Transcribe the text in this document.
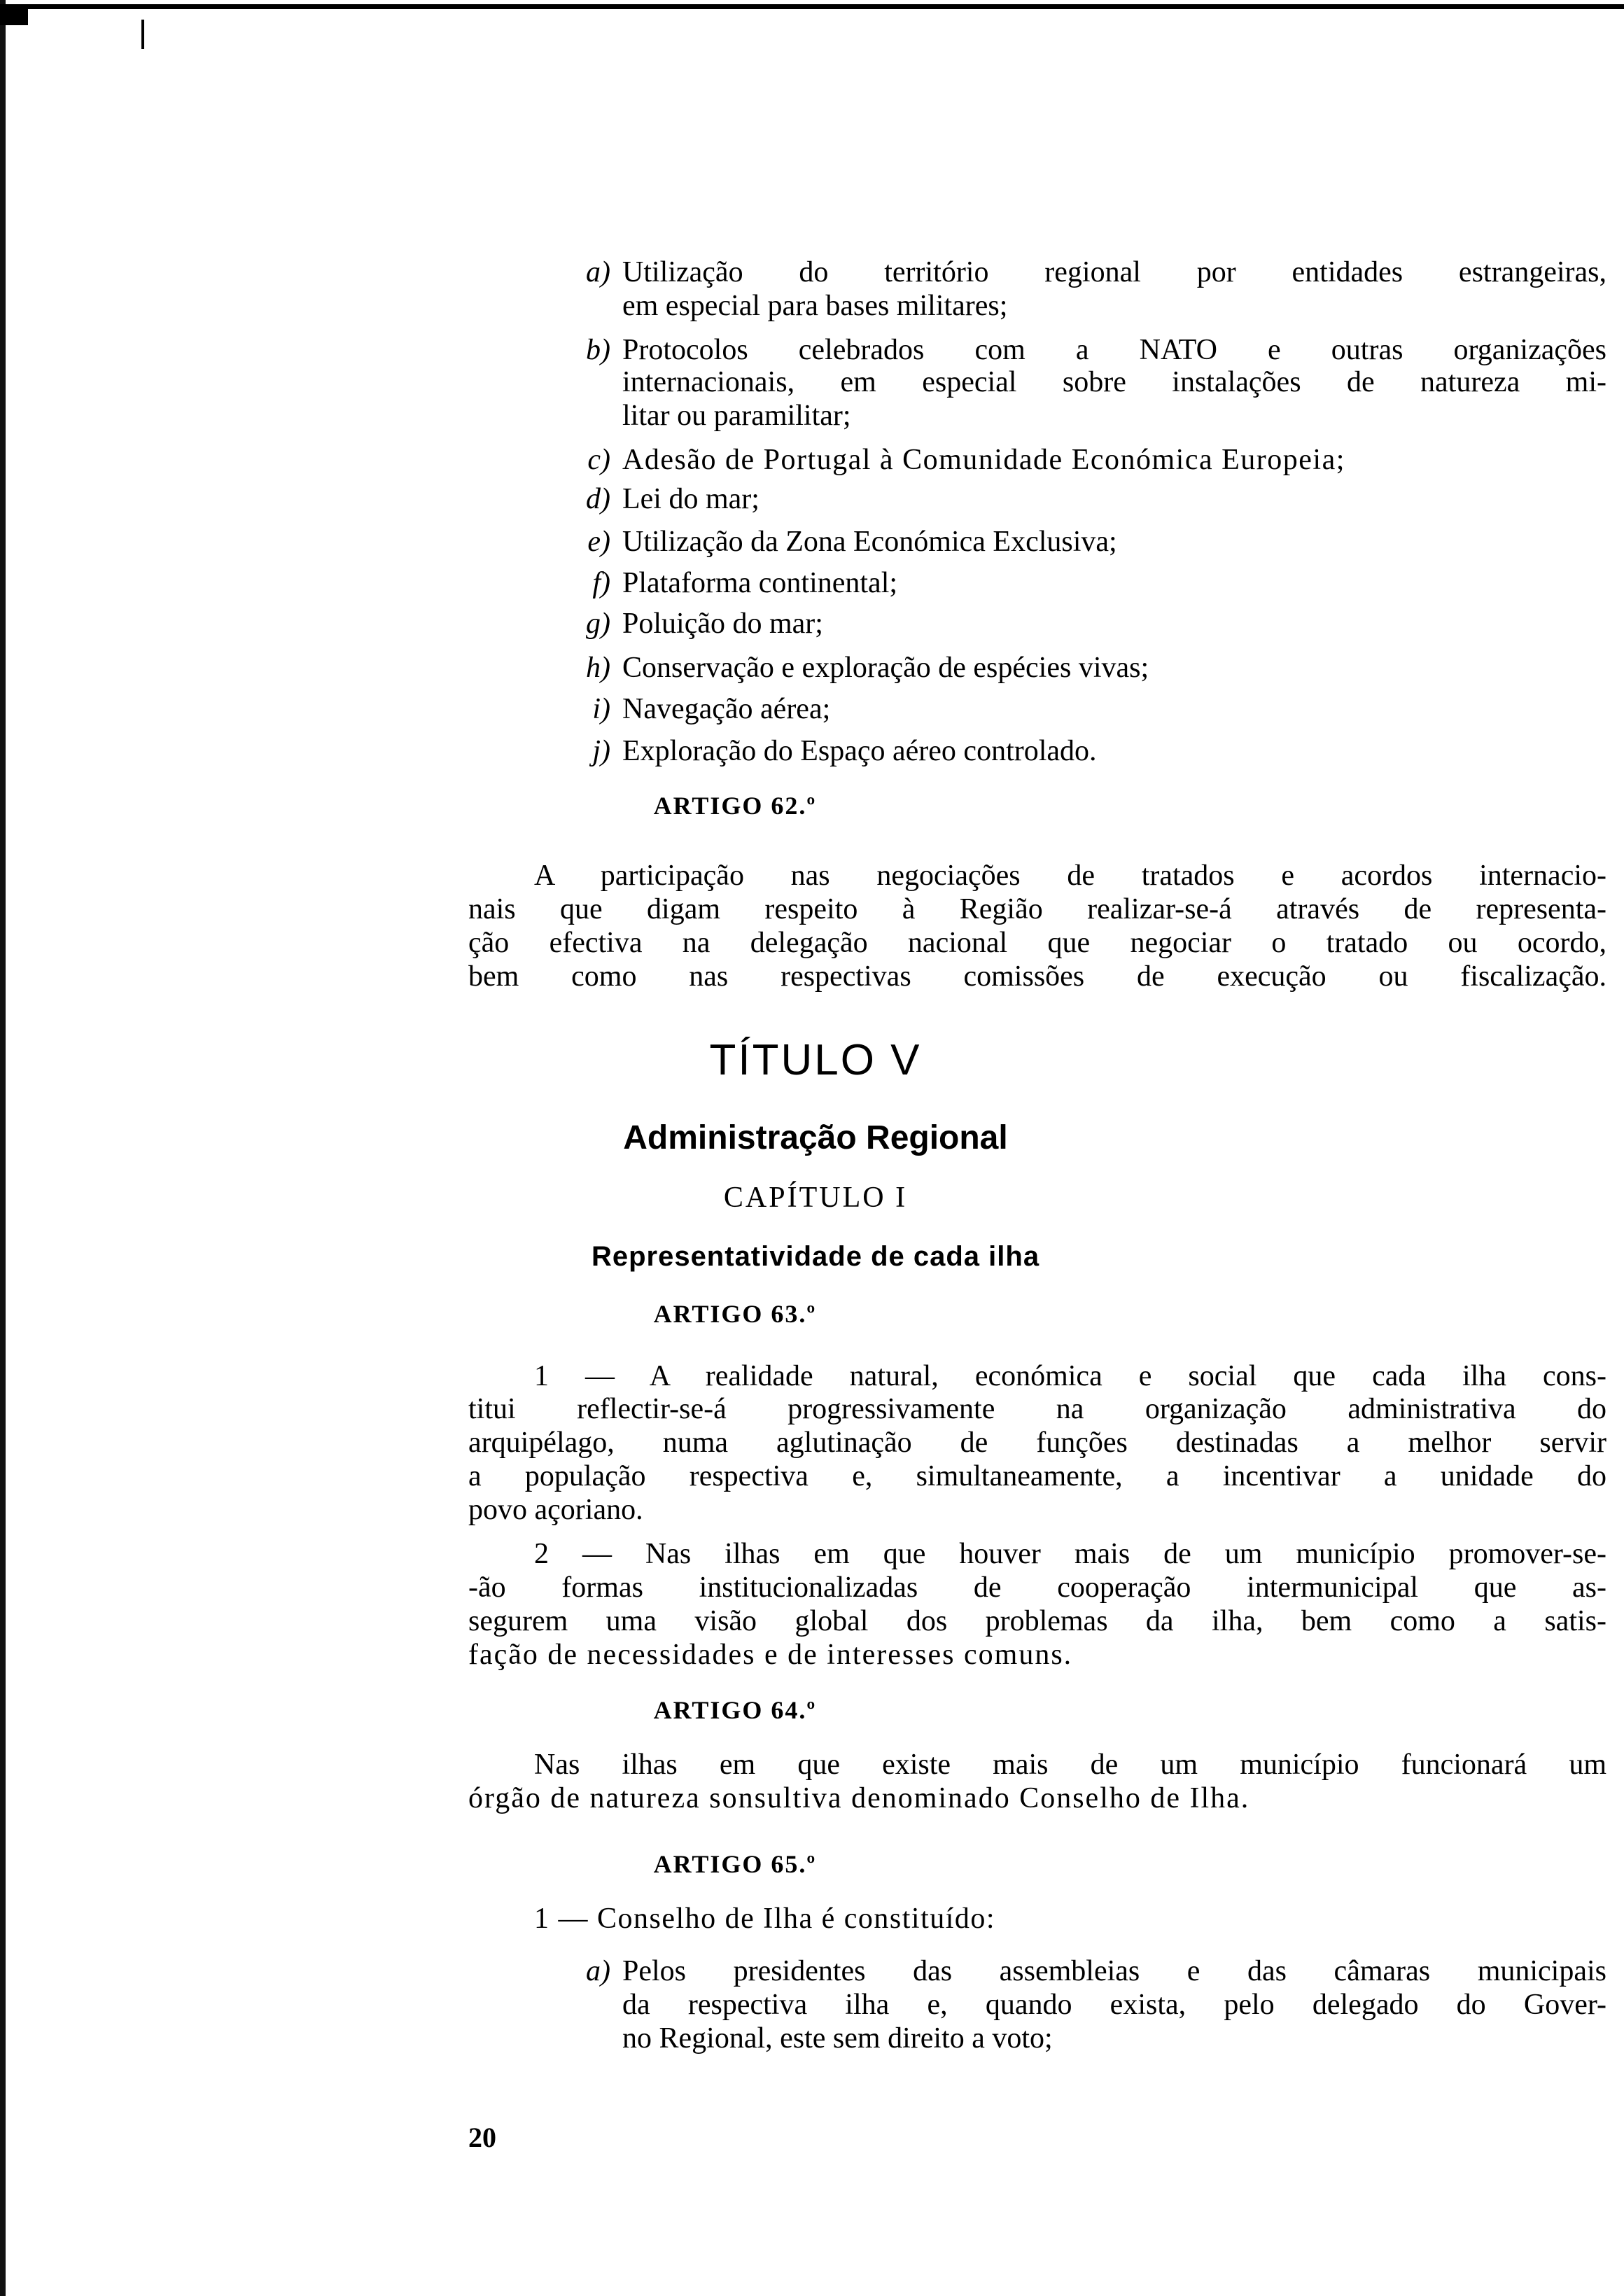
a) Utilização do território regional por entidades estrangeiras,
em especial para bases militares;
b) Protocolos celebrados com a NATO e outras organizações
internacionais, em especial sobre instalações de natureza mi-
litar ou paramilitar;
c) Adesão de Portugal à Comunidade Económica Europeia;
d) Lei do mar;
e) Utilização da Zona Económica Exclusiva;
f) Plataforma continental;
g) Poluição do mar;
h) Conservação e exploração de espécies vivas;
i) Navegação aérea;
j) Exploração do Espaço aéreo controlado.
ARTIGO 62.º
A participação nas negociações de tratados e acordos internacio-
nais que digam respeito à Região realizar-se-á através de representa-
ção efectiva na delegação nacional que negociar o tratado ou ocordo,
bem como nas respectivas comissões de execução ou fiscalização.
TÍTULO V
Administração Regional
CAPÍTULO I
Representatividade de cada ilha
ARTIGO 63.º
1 — A realidade natural, económica e social que cada ilha cons-
titui reflectir-se-á progressivamente na organização administrativa do
arquipélago, numa aglutinação de funções destinadas a melhor servir
a população respectiva e, simultaneamente, a incentivar a unidade do
povo açoriano.
2 — Nas ilhas em que houver mais de um município promover-se-
-ão formas institucionalizadas de cooperação intermunicipal que as-
segurem uma visão global dos problemas da ilha, bem como a satis-
fação de necessidades e de interesses comuns.
ARTIGO 64.º
Nas ilhas em que existe mais de um município funcionará um
órgão de natureza sonsultiva denominado Conselho de Ilha.
ARTIGO 65.º
1 — Conselho de Ilha é constituído:
a) Pelos presidentes das assembleias e das câmaras municipais
da respectiva ilha e, quando exista, pelo delegado do Gover-
no Regional, este sem direito a voto;
20
